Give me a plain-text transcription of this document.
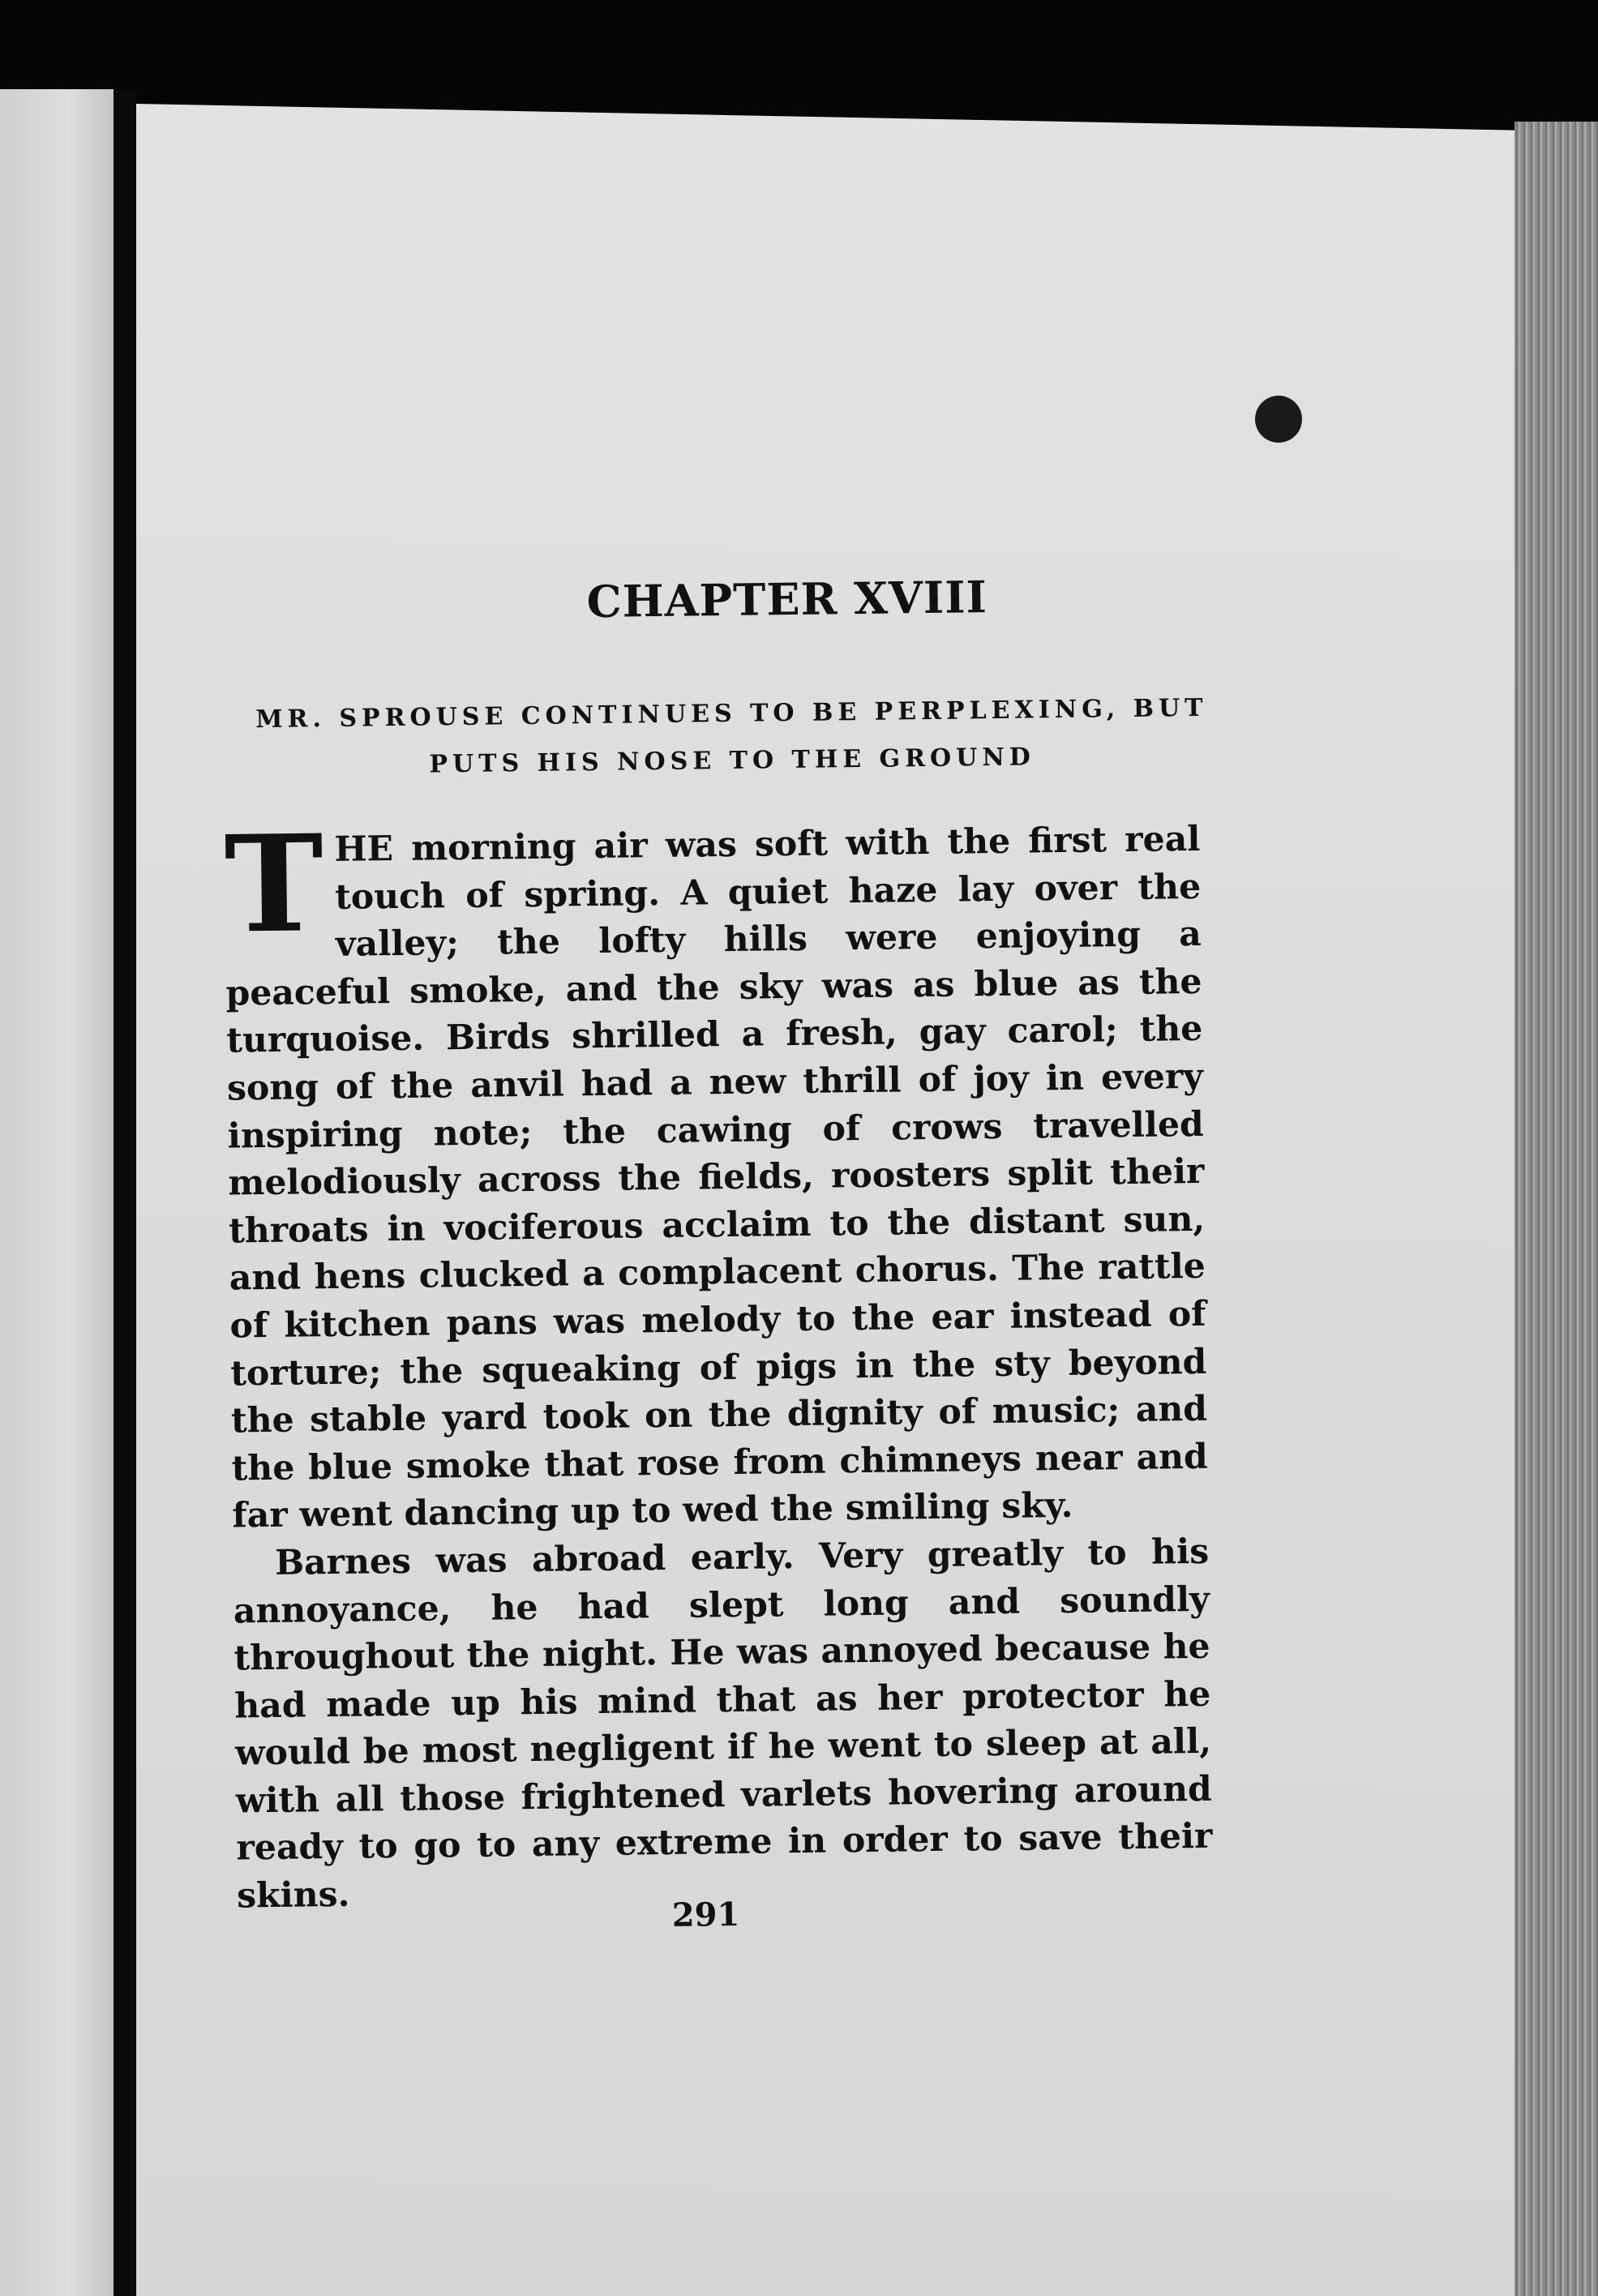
CHAPTER XVIII
MR. SPROUSE CONTINUES TO BE PERPLEXING, BUT PUTS HIS NOSE TO THE GROUND

THE morning air was soft with the first real touch of spring. A quiet haze lay over the valley; the lofty hills were enjoying a peaceful smoke, and the sky was as blue as the turquoise. Birds shrilled a fresh, gay carol; the song of the anvil had a new thrill of joy in every inspiring note; the cawing of crows travelled melodiously across the fields, roosters split their throats in vociferous acclaim to the distant sun, and hens clucked a complacent chorus. The rattle of kitchen pans was melody to the ear instead of torture; the squeaking of pigs in the sty beyond the stable yard took on the dignity of music; and the blue smoke that rose from chimneys near and far went dancing up to wed the smiling sky.

Barnes was abroad early. Very greatly to his annoyance, he had slept long and soundly throughout the night. He was annoyed because he had made up his mind that as her protector he would be most negligent if he went to sleep at all, with all those frightened varlets hovering around ready to go to any extreme in order to save their skins.	291
